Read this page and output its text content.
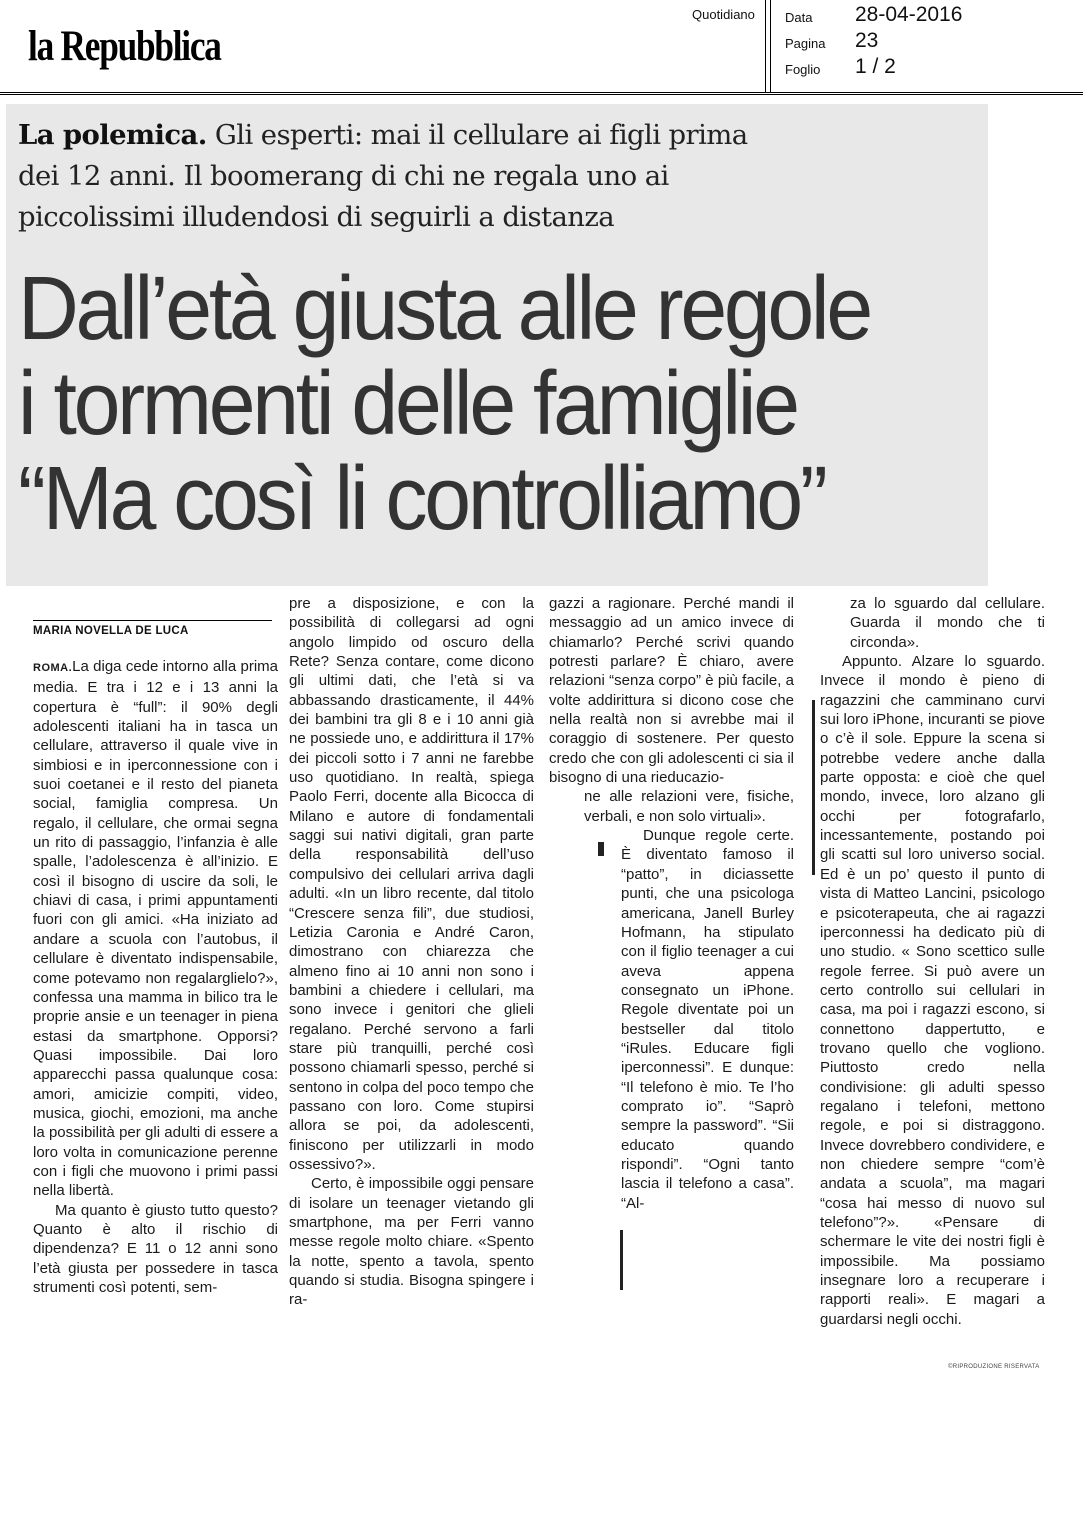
la Repubblica
Quotidiano Data 28-04-2016
Pagina 23
Foglio 1 / 2
La polemica. Gli esperti: mai il cellulare ai figli prima dei 12 anni. Il boomerang di chi ne regala uno ai piccolissimi illudendosi di seguirli a distanza
Dall’età giusta alle regole
i tormenti delle famiglie
“Ma così li controlliamo”
MARIA NOVELLA DE LUCA

ROMA.La diga cede intorno alla prima media. E tra i 12 e i 13 anni la copertura è “full”: il 90% degli adolescenti italiani ha in tasca un cellulare, attraverso il quale vive in simbiosi e in iperconnessione con i suoi coetanei e il resto del pianeta social, famiglia compresa. Un regalo, il cellulare, che ormai segna un rito di passaggio, l’infanzia è alle spalle, l’adolescenza è all’inizio. E così il bisogno di uscire da soli, le chiavi di casa, i primi appuntamenti fuori con gli amici. «Ha iniziato ad andare a scuola con l’autobus, il cellulare è diventato indispensabile, come potevamo non regalarglielo?», confessa una mamma in bilico tra le proprie ansie e un teenager in piena estasi da smartphone. Opporsi? Quasi impossibile. Dai loro apparecchi passa qualunque cosa: amori, amicizie compiti, video, musica, giochi, emozioni, ma anche la possibilità per gli adulti di essere a loro volta in comunicazione perenne con i figli che muovono i primi passi nella libertà.

Ma quanto è giusto tutto questo? Quanto è alto il rischio di dipendenza? E 11 o 12 anni sono l’età giusta per possedere in tasca strumenti così potenti, sem-

pre a disposizione, e con la possibilità di collegarsi ad ogni angolo limpido od oscuro della Rete? Senza contare, come dicono gli ultimi dati, che l’età si va abbassando drasticamente, il 44% dei bambini tra gli 8 e i 10 anni già ne possiede uno, e addirittura il 17% dei piccoli sotto i 7 anni ne farebbe uso quotidiano. In realtà, spiega Paolo Ferri, docente alla Bicocca di Milano e autore di fondamentali saggi sui nativi digitali, gran parte della responsabilità dell’uso compulsivo dei cellulari arriva dagli adulti. «In un libro recente, dal titolo “Crescere senza fili”, due studiosi, Letizia Caronia e André Caron, dimostrano con chiarezza che almeno fino ai 10 anni non sono i bambini a chiedere i cellulari, ma sono invece i genitori che glieli regalano. Perché servono a farli stare più tranquilli, perché così possono chiamarli spesso, perché si sentono in colpa del poco tempo che passano con loro. Come stupirsi allora se poi, da adolescenti, finiscono per utilizzarli in modo ossessivo?».

Certo, è impossibile oggi pensare di isolare un teenager vietando gli smartphone, ma per Ferri vanno messe regole molto chiare. «Spento la notte, spento a tavola, spento quando si studia. Bisogna spingere i ra-

gazzi a ragionare. Perché mandi il messaggio ad un amico invece di chiamarlo? Perché scrivi quando potresti parlare? È chiaro, avere relazioni “senza corpo” è più facile, a volte addirittura si dicono cose che nella realtà non si avrebbe mai il coraggio di sostenere. Per questo credo che con gli adolescenti ci sia il bisogno di una rieducazio-

ne alle relazioni vere, fisiche, verbali, e non solo virtuali».

Dunque regole certe. È diventato famoso il “patto”, in diciassette punti, che una psicologa americana, Janell Burley Hofmann, ha stipulato con il figlio teenager a cui aveva appena consegnato un iPhone. Regole diventate poi un bestseller dal titolo “iRules. Educare figli iperconnessi”. E dunque: “Il telefono è mio. Te l’ho comprato io”. “Saprò sempre la password”. “Sii educato quando rispondi”. “Ogni tanto lascia il telefono a casa”. “Al-

za lo sguardo dal cellulare. Guarda il mondo che ti circonda».

Appunto. Alzare lo sguardo. Invece il mondo è pieno di ragazzini che camminano curvi sui loro iPhone, incuranti se piove o c’è il sole. Eppure la scena si potrebbe vedere anche dalla parte opposta: e cioè che quel mondo, invece, loro alzano gli occhi per fotografarlo, incessantemente, postando poi gli scatti sul loro universo social. Ed è un po’ questo il punto di vista di Matteo Lancini, psicologo e psicoterapeuta, che ai ragazzi iperconnessi ha dedicato più di uno studio. « Sono scettico sulle regole ferree. Si può avere un certo controllo sui cellulari in casa, ma poi i ragazzi escono, si connettono dappertutto, e trovano quello che vogliono. Piuttosto credo nella condivisione: gli adulti spesso regalano i telefoni, mettono regole, e poi si distraggono. Invece dovrebbero condividere, e non chiedere sempre “com’è andata a scuola”, ma magari “cosa hai messo di nuovo sul telefono”?». «Pensare di schermare le vite dei nostri figli è impossibile. Ma possiamo insegnare loro a recuperare i rapporti reali». E magari a guardarsi negli occhi.

©RIPRODUZIONE RISERVATA
